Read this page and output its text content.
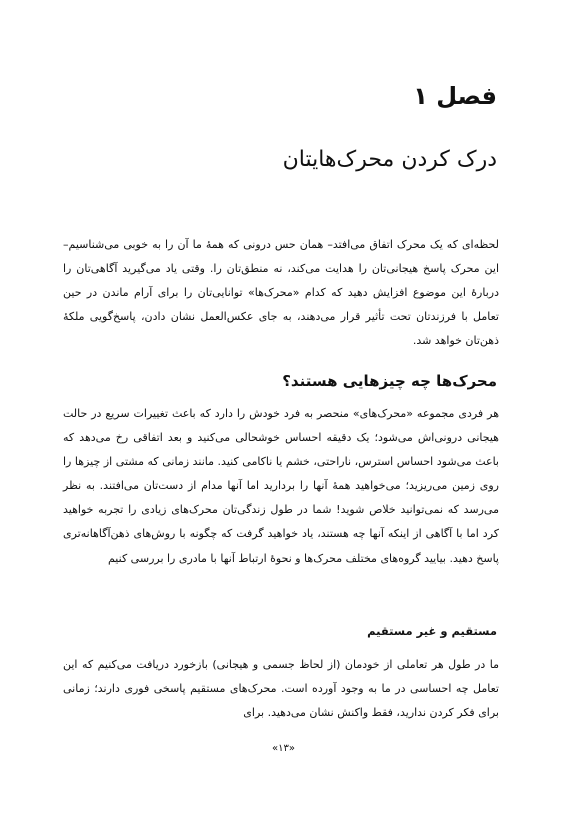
فصل ۱
درک کردن محرک‌هایتان

لحظه‌ای که یک محرک اتفاق می‌افتد– همان حس درونی که همهٔ ما آن را به خوبی می‌شناسیم– این محرک پاسخ هیجانی‌تان را هدایت می‌کند، نه منطق‌تان را. وقتی یاد می‌گیرید آگاهی‌تان را دربارهٔ این موضوع افزایش دهید که کدام «محرک‌ها» توانایی‌تان را برای آرام ماندن در حین تعامل با فرزندتان تحت تأثیر قرار می‌دهند، به جای عکس‌العمل نشان دادن، پاسخ‌گویی ملکهٔ ذهن‌تان خواهد شد.

محرک‌ها چه چیزهایی هستند؟

هر فردی مجموعه «محرک‌های» منحصر به فرد خودش را دارد که باعث تغییرات سریع در حالت هیجانی درونی‌اش می‌شود؛ یک دقیقه احساس خوشحالی می‌کنید و بعد اتفاقی رخ می‌دهد که باعث می‌شود احساس استرس، ناراحتی، خشم یا ناکامی کنید. مانند زمانی که مشتی از چیزها را روی زمین می‌ریزید؛ می‌خواهید همهٔ آنها را بردارید اما آنها مدام از دست‌تان می‌افتند. به نظر می‌رسد که نمی‌توانید خلاص شوید! شما در طول زندگی‌تان محرک‌های زیادی را تجربه خواهید کرد اما با آگاهی از اینکه آنها چه هستند، یاد خواهید گرفت که چگونه با روش‌های ذهن‌آگاهانه‌تری پاسخ دهید. بیایید گروه‌های مختلف محرک‌ها و نحوهٔ ارتباط آنها با مادری را بررسی کنیم

مستقیم و غیر مستقیم

ما در طول هر تعاملی از خودمان (از لحاظ جسمی و هیجانی) بازخورد دریافت می‌کنیم که این تعامل چه احساسی در ما به وجود آورده است. محرک‌های مستقیم پاسخی فوری دارند؛ زمانی برای فکر کردن ندارید، فقط واکنش نشان می‌دهید. برای

«۱۳»
